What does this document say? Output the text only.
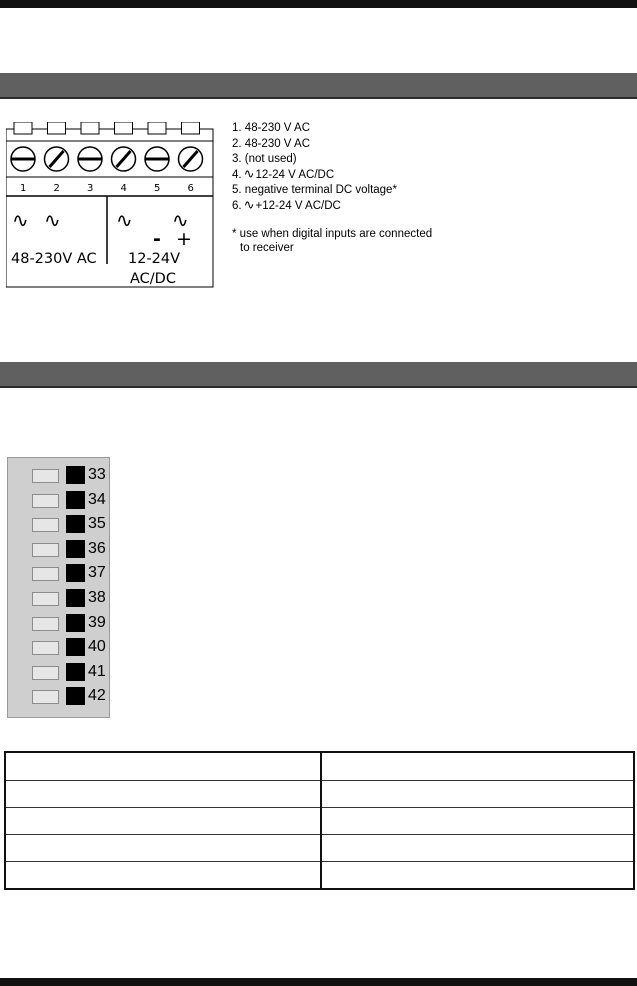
1	2	3	4	5	6
∿ ∿	∿ ∿
- +
48-230V AC 12-24V
AC/DC
1. 48-230 V AC
2. 48-230 V AC
3. (not used)
4. ∿12-24 V AC/DC
5. negative terminal DC voltage*
6. ∿+12-24 V AC/DC
* use when digital inputs are connected
to receiver
33
34
35
36
37
38
39
40
41
42
